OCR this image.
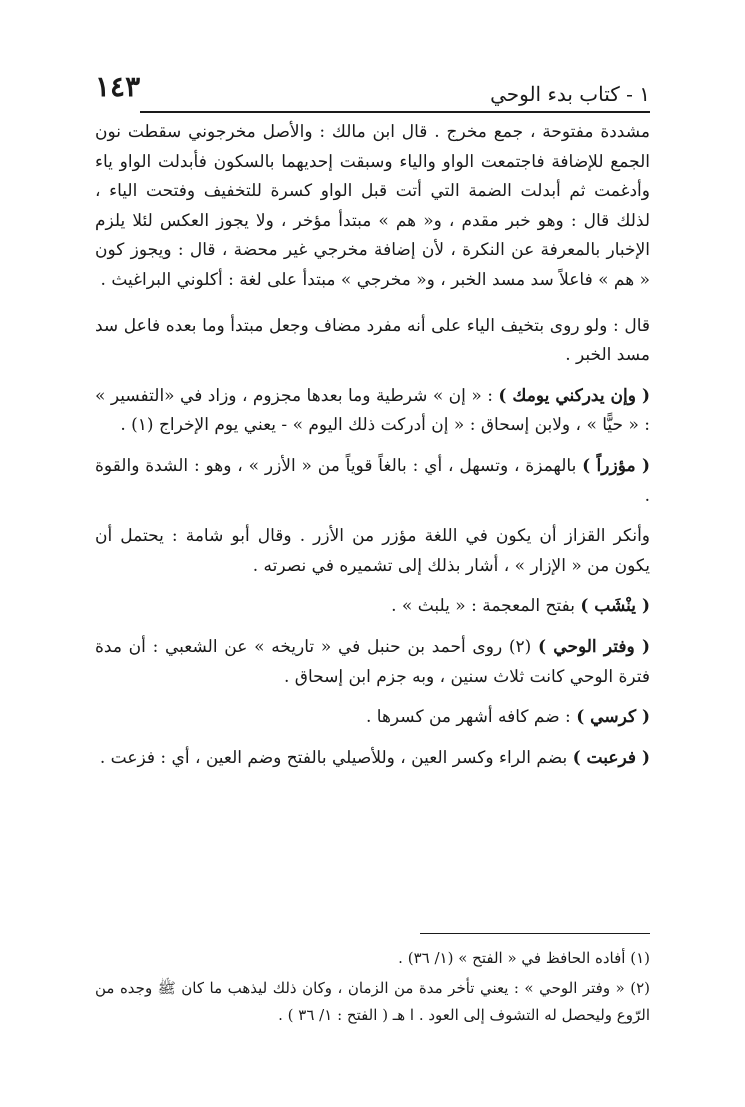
١ - كتاب بدء الوحي
١٤٣

مشددة مفتوحة ، جمع مخرج . قال ابن مالك : والأصل مخرجوني سقطت نون الجمع للإضافة فاجتمعت الواو والياء وسبقت إحديهما بالسكون فأبدلت الواو ياء وأدغمت ثم أبدلت الضمة التي أتت قبل الواو كسرة للتخفيف وفتحت الياء ، لذلك قال : وهو خبر مقدم ، و« هم » مبتدأ مؤخر ، ولا يجوز العكس لئلا يلزم الإخبار بالمعرفة عن النكرة ، لأن إضافة مخرجي غير محضة ، قال : ويجوز كون « هم » فاعلاً سد مسد الخبر ، و« مخرجي » مبتدأ على لغة : أكلوني البراغيث .

قال : ولو روى بتخيف الياء على أنه مفرد مضاف وجعل مبتدأ وما بعده فاعل سد مسد الخبر .

( وإن يدركني يومك ) : « إن » شرطية وما بعدها مجزوم ، وزاد في «التفسير » : « حيًّا » ، ولابن إسحاق : « إن أدركت ذلك اليوم » - يعني يوم الإخراج (١) .

( مؤزراً ) بالهمزة ، وتسهل ، أي : بالغاً قوياً من « الأزر » ، وهو : الشدة والقوة .

وأنكر القزاز أن يكون في اللغة مؤزر من الأزر . وقال أبو شامة : يحتمل أن يكون من « الإزار » ، أشار بذلك إلى تشميره في نصرته .

( ينْشَب ) بفتح المعجمة : « يلبث » .

( وفتر الوحي ) (٢) روى أحمد بن حنبل في « تاريخه » عن الشعبي : أن مدة فترة الوحي كانت ثلاث سنين ، وبه جزم ابن إسحاق .

( كرسي ) : ضم كافه أشهر من كسرها .

( فرعبت ) بضم الراء وكسر العين ، وللأصيلي بالفتح وضم العين ، أي : فزعت .

(١) أفاده الحافظ في « الفتح » (١/ ٣٦) .

(٢) « وفتر الوحي » : يعني تأخر مدة من الزمان ، وكان ذلك ليذهب ما كان ﷺ وجده من الرّوع وليحصل له التشوف إلى العود . ا هـ ( الفتح : ١/ ٣٦ ) .
